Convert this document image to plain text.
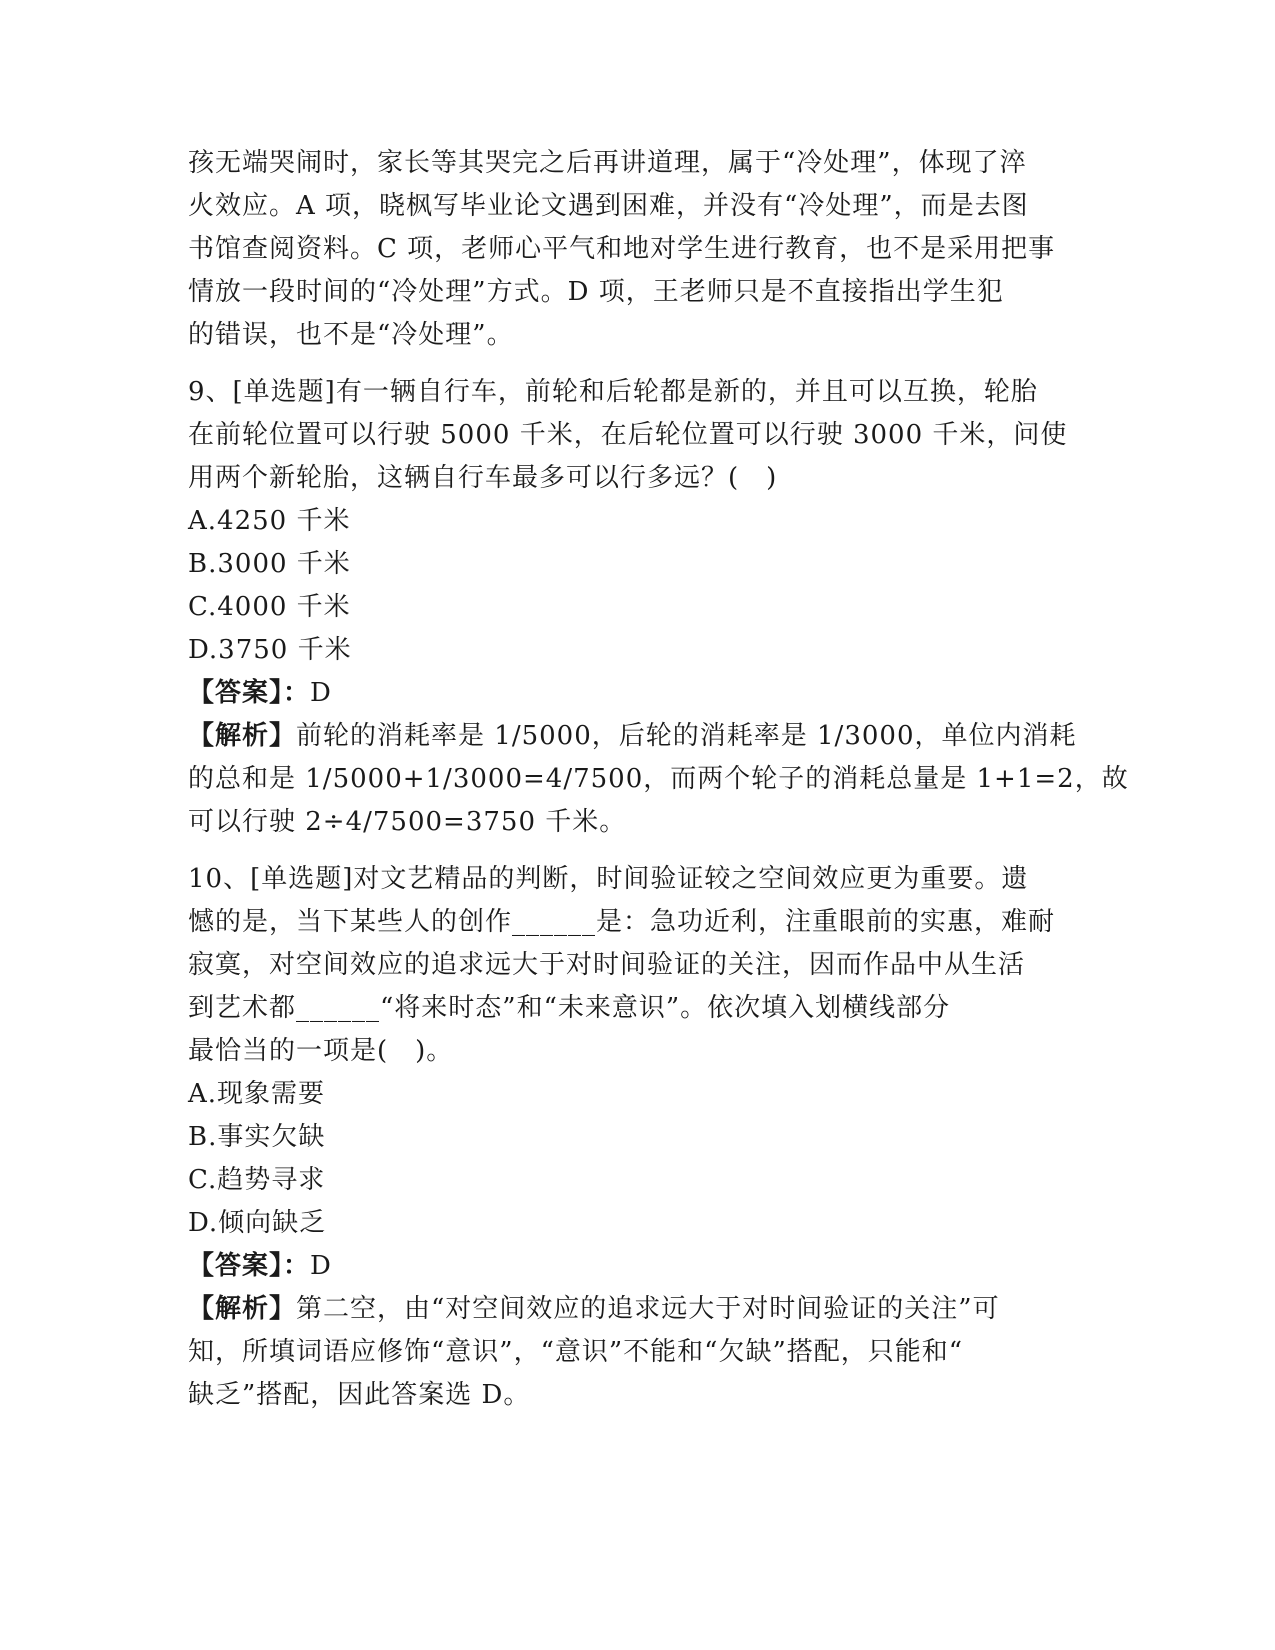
孩无端哭闹时，家长等其哭完之后再讲道理，属于“冷处理”，体现了淬
火效应。A 项，晓枫写毕业论文遇到困难，并没有“冷处理”，而是去图
书馆查阅资料。C 项，老师心平气和地对学生进行教育，也不是采用把事
情放一段时间的“冷处理”方式。D 项，王老师只是不直接指出学生犯
的错误，也不是“冷处理”。
9、[单选题]有一辆自行车，前轮和后轮都是新的，并且可以互换，轮胎
在前轮位置可以行驶 5000 千米，在后轮位置可以行驶 3000 千米，问使
用两个新轮胎，这辆自行车最多可以行多远？(　)
A.4250 千米
B.3000 千米
C.4000 千米
D.3750 千米
【答案】：D
【解析】前轮的消耗率是 1/5000，后轮的消耗率是 1/3000，单位内消耗
的总和是 1/5000+1/3000=4/7500，而两个轮子的消耗总量是 1+1=2，故
可以行驶 2÷4/7500=3750 千米。
10、[单选题]对文艺精品的判断，时间验证较之空间效应更为重要。遗
憾的是，当下某些人的创作______是：急功近利，注重眼前的实惠，难耐
寂寞，对空间效应的追求远大于对时间验证的关注，因而作品中从生活
到艺术都______“将来时态”和“未来意识”。依次填入划横线部分
最恰当的一项是(　)。
A.现象需要
B.事实欠缺
C.趋势寻求
D.倾向缺乏
【答案】：D
【解析】第二空，由“对空间效应的追求远大于对时间验证的关注”可
知，所填词语应修饰“意识”，“意识”不能和“欠缺”搭配，只能和“
缺乏”搭配，因此答案选 D。
